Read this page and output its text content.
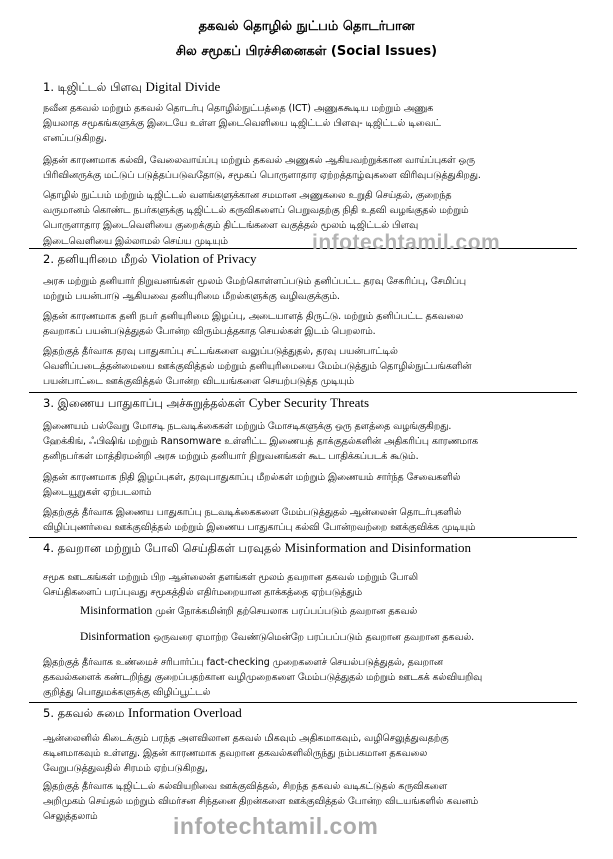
தகவல் தொழில் நுட்பம் தொடர்பான
சில சமூகப் பிரச்சினைகள் (Social Issues)
1. டிஜிட்டல் பிளவு Digital Divide

நவீன தகவல் மற்றும் தகவல் தொடர்பு தொழில்நுட்பத்தை (ICT) அணுககூடிய மற்றும் அணுக
இயலாத சமூகங்களுக்கு இடையே உள்ள இடைவெளியை டிஜிட்டல் பிளவு- டிஜிட்டல் டிவைட்
எனப்படுகிறது.

இதன் காரணமாக கல்வி, வேலைவாய்ப்பு மற்றும் தகவல் அணுகல் ஆகியவற்றுக்கான வாய்ப்புகள் ஒரு
பிரிவினருக்கு மட்டுப் படுத்தப்படுவதோடு, சமூகப் பொருளாதார ஏற்றத்தாழ்வுகளை விரிவுபடுத்துகிறது.

தொழில் நுட்பம் மற்றும் டிஜிட்டல் வளங்களுக்கான சமமான அணுகலை உறுதி செய்தல், குறைந்த
வருமானம் கொண்ட நபர்களுக்கு டிஜிட்டல் கருவிகளைப் பெறுவதற்கு நிதி உதவி வழங்குதல் மற்றும்
பொருளாதார இடைவெளியை குறைக்கும் திட்டங்களை வகுத்தல் மூலம் டிஜிட்டல் பிளவு
இடைவெளியை இல்லாமல் செய்ய முடியும்

2. தனியுரிமை மீறல் Violation of Privacy

அரசு மற்றும் தனியார் நிறுவனங்கள் மூலம் மேற்கொள்ளப்படும் தனிப்பட்ட தரவு சேகரிப்பு, சேமிப்பு
மற்றும் பயன்பாடு ஆகியவை தனியுரிமை மீறல்களுக்கு வழிவகுக்கும்.

இதன் காரணமாக தனி நபர் தனியுரிமை இழப்பு, அடையாளத் திருட்டு. மற்றும் தனிப்பட்ட தகவலை
தவறாகப் பயன்படுத்துதல் போன்ற விரும்பத்தகாத செயல்கள் இடம் பெறலாம்.

இதற்குத் தீர்வாக தரவு பாதுகாப்பு சட்டங்களை வலுப்படுத்துதல், தரவு பயன்பாட்டில்
வெளிப்படைத்தன்மையை ஊக்குவித்தல் மற்றும் தனியுரிமையை மேம்படுத்தும் தொழில்நுட்பங்களின்
பயன்பாட்டை ஊக்குவித்தல் போன்ற விடயங்களை செயற்படுத்த முடியும்

3. இணைய பாதுகாப்பு அச்சுறுத்தல்கள் Cyber Security Threats

இணையம் பல்வேறு மோசடி நடவடிக்கைகள் மற்றும் மோசடிகளுக்கு ஒரு தளத்தை வழங்குகிறது.
ஹேக்கிங், ஃபிஷிங் மற்றும் Ransomware உள்ளிட்ட இணையத் தாக்குதல்களின் அதிகரிப்பு காரணமாக
தனிநபர்கள் மாத்திரமன்றி அரசு மற்றும் தனியார் நிறுவனங்கள் கூட பாதிக்கப்படக் கூடும்.

இதன் காரணமாக நிதி இழப்புகள், தரவுபாதுகாப்பு மீறல்கள் மற்றும் இணையம் சார்ந்த சேவைகளில்
இடையூறுகள் ஏற்படலாம்

இதற்குத் தீர்வாக இணைய பாதுகாப்பு நடவடிக்கைகளை மேம்படுத்துதல் ஆன்லைன் தொடர்புகளில்
விழிப்புணர்வை ஊக்குவித்தல் மற்றும் இணைய பாதுகாப்பு கல்வி போன்றவற்றை ஊக்குவிக்க முடியும்

4. தவறான மற்றும் போலி செய்திகள் பரவுதல் Misinformation and Disinformation

சமூக ஊடகங்கள் மற்றும் பிற ஆன்லைன் தளங்கள் மூலம் தவறான தகவல் மற்றும் போலி
செய்திகளைப் பரப்புவது சமூகத்தில் எதிர்மறையான தாக்கத்தை ஏற்படுத்தும்

Misinformation முன் நோக்கமின்றி தற்செயலாக பரப்பப்படும் தவறான தகவல்
Disinformation ஒருவரை ஏமாற்ற வேண்டுமென்றே பரப்பப்படும் தவறான தவறான தகவல்.

இதற்குத் தீர்வாக உண்மைச் சரிபார்ப்பு fact-checking முறைகளைச் செயல்படுத்துதல், தவறான
தகவல்களைக் கண்டறிந்து குறைப்பதற்கான வழிமுறைகளை மேம்படுத்துதல் மற்றும் ஊடகக் கல்வியறிவு
குறித்து பொதுமக்களுக்கு விழிப்பூட்டல்

5. தகவல் சுமை Information Overload

ஆன்லைனில் கிடைக்கும் பரந்த அளவிலான தகவல் மிகவும் அதிகமாகவும், வழிசெலுத்துவதற்கு
கடினமாகவும் உள்ளது. இதன் காரணமாக தவறான தகவல்களிலிருந்து நம்பகமான தகவலை
வேறுபடுத்துவதில் சிரமம் ஏற்படுகிறது,

இதற்குத் தீர்வாக டிஜிட்டல் கல்வியறிவை ஊக்குவித்தல், சிறந்த தகவல் வடிகட்டுதல் கருவிகளை
அறிமுகம் செய்தல் மற்றும் விமர்சன சிந்தனை திறன்களை ஊக்குவித்தல் போன்ற விடயங்களில் கவனம்
செலுத்தலாம்

infotechtamil.com
infotechtamil.com
